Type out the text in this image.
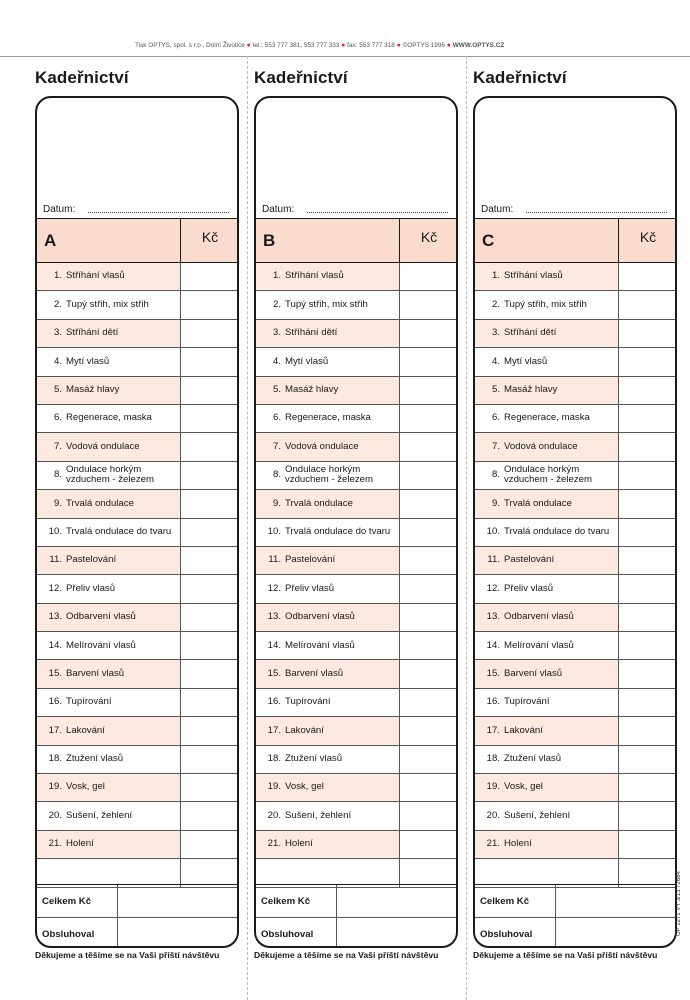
Tisk OPTYS, spol. s r.o., Dolní Životice ● tel.: 553 777 381, 553 777 333 ● fax: 553 777 318 ● ©OPTYS 1996 ● WWW.OPTYS.CZ
Kadeřnictví
Datum:
A	Kč
1. Stříhání vlasů
2. Tupý střih, mix střih
3. Stříhání dětí
4. Mytí vlasů
5. Masáž hlavy
6. Regenerace, maska
7. Vodová ondulace
8. Ondulace horkým vzduchem - železem
9. Trvalá ondulace
10. Trvalá ondulace do tvaru
11. Pastelování
12. Přeliv vlasů
13. Odbarvení vlasů
14. Melírování vlasů
15. Barvení vlasů
16. Tupírování
17. Lakování
18. Ztužení vlasů
19. Vosk, gel
20. Sušení, žehlení
21. Holení
Celkem Kč
Obsluhoval
Děkujeme a těšíme se na Vaši příští návštěvu
Kadeřnictví
Datum:
B	Kč
1. Stříhání vlasů
2. Tupý střih, mix střih
3. Stříhání dětí
4. Mytí vlasů
5. Masáž hlavy
6. Regenerace, maska
7. Vodová ondulace
8. Ondulace horkým vzduchem - železem
9. Trvalá ondulace
10. Trvalá ondulace do tvaru
11. Pastelování
12. Přeliv vlasů
13. Odbarvení vlasů
14. Melírování vlasů
15. Barvení vlasů
16. Tupírování
17. Lakování
18. Ztužení vlasů
19. Vosk, gel
20. Sušení, žehlení
21. Holení
Celkem Kč
Obsluhoval
Děkujeme a těšíme se na Vaši příští návštěvu
Kadeřnictví
Datum:
C	Kč
1. Stříhání vlasů
2. Tupý střih, mix střih
3. Stříhání dětí
4. Mytí vlasů
5. Masáž hlavy
6. Regenerace, maska
7. Vodová ondulace
8. Ondulace horkým vzduchem - železem
9. Trvalá ondulace
10. Trvalá ondulace do tvaru
11. Pastelování
12. Přeliv vlasů
13. Odbarvení vlasů
14. Melírování vlasů
15. Barvení vlasů
16. Tupírování
17. Lakování
18. Ztužení vlasů
19. Vosk, gel
20. Sušení, žehlení
21. Holení
Celkem Kč
Obsluhoval
Děkujeme a těšíme se na Vaši příští návštěvu
OP 1271 VY 3/13 72684
